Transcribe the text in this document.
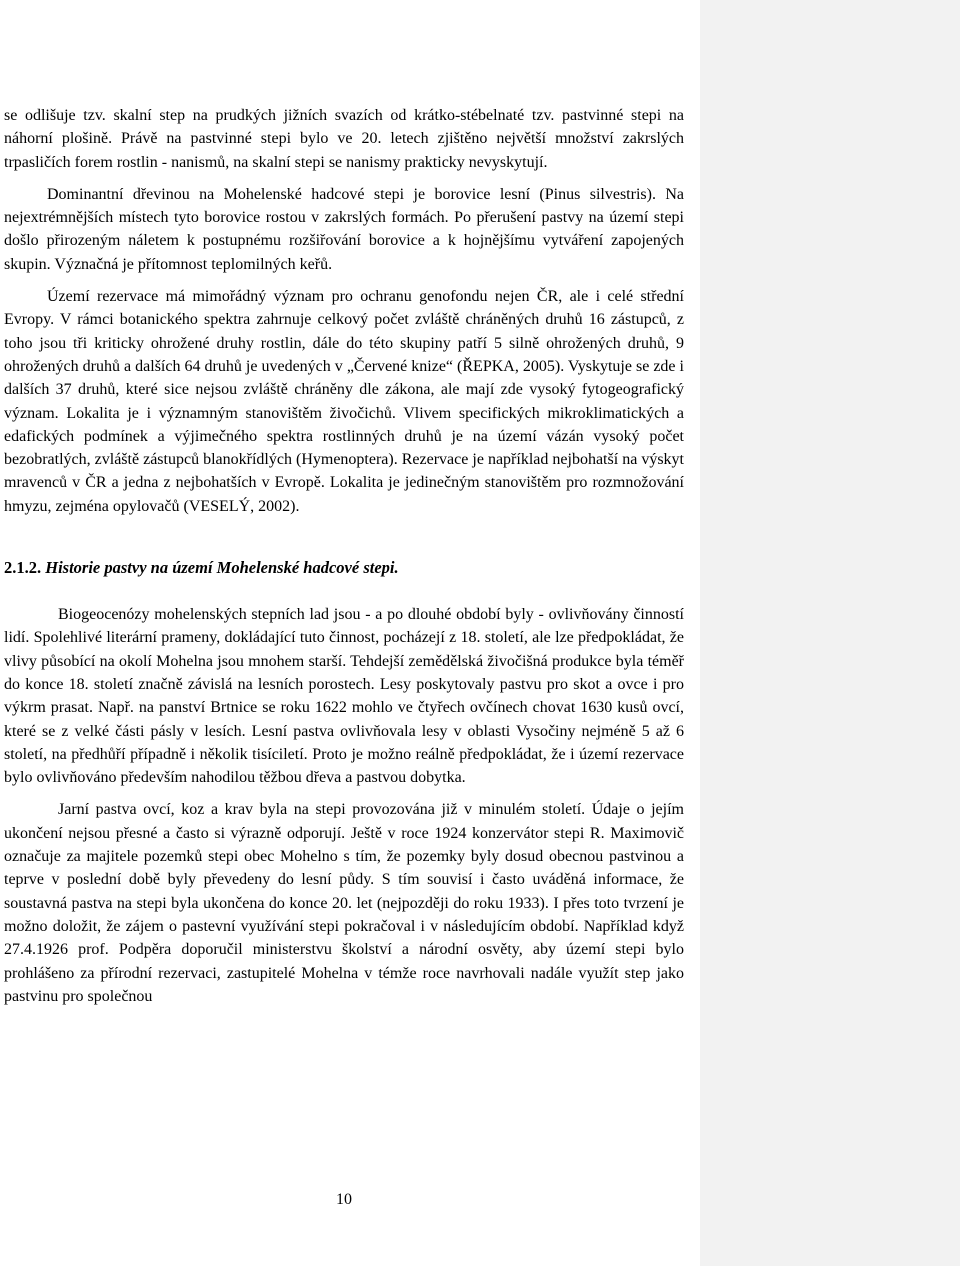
se odlišuje tzv. skalní step na prudkých jižních svazích od krátko-stébelnaté tzv. pastvinné stepi na náhorní plošině. Právě na pastvinné stepi bylo ve 20. letech zjištěno největší množství zakrslých trpasličích forem rostlin - nanismů, na skalní stepi se nanismy prakticky nevyskytují.

Dominantní dřevinou na Mohelenské hadcové stepi je borovice lesní (Pinus silvestris). Na nejextrémnějších místech tyto borovice rostou v zakrslých formách. Po přerušení pastvy na území stepi došlo přirozeným náletem k postupnému rozšiřování borovice a k hojnějšímu vytváření zapojených skupin. Význačná je přítomnost teplomilných keřů.

Území rezervace má mimořádný význam pro ochranu genofondu nejen ČR, ale i celé střední Evropy. V rámci botanického spektra zahrnuje celkový počet zvláště chráněných druhů 16 zástupců, z toho jsou tři kriticky ohrožené druhy rostlin, dále do této skupiny patří 5 silně ohrožených druhů, 9 ohrožených druhů a dalších 64 druhů je uvedených v „Červené knize“ (ŘEPKA, 2005). Vyskytuje se zde i dalších 37 druhů, které sice nejsou zvláště chráněny dle zákona, ale mají zde vysoký fytogeografický význam. Lokalita je i významným stanovištěm živočichů. Vlivem specifických mikroklimatických a edafických podmínek a výjimečného spektra rostlinných druhů je na území vázán vysoký počet bezobratlých, zvláště zástupců blanokřídlých (Hymenoptera). Rezervace je například nejbohatší na výskyt mravenců v ČR a jedna z nejbohatších v Evropě. Lokalita je jedinečným stanovištěm pro rozmnožování hmyzu, zejména opylovačů (VESELÝ, 2002).

2.1.2. Historie pastvy na území Mohelenské hadcové stepi.

Biogeocenózy mohelenských stepních lad jsou - a po dlouhé období byly - ovlivňovány činností lidí. Spolehlivé literární prameny, dokládající tuto činnost, pocházejí z 18. století, ale lze předpokládat, že vlivy působící na okolí Mohelna jsou mnohem starší. Tehdejší zemědělská živočišná produkce byla téměř do konce 18. století značně závislá na lesních porostech. Lesy poskytovaly pastvu pro skot a ovce i pro výkrm prasat. Např. na panství Brtnice se roku 1622 mohlo ve čtyřech ovčínech chovat 1630 kusů ovcí, které se z velké části pásly v lesích. Lesní pastva ovlivňovala lesy v oblasti Vysočiny nejméně 5 až 6 století, na předhůří případně i několik tisíciletí. Proto je možno reálně předpokládat, že i území rezervace bylo ovlivňováno především nahodilou těžbou dřeva a pastvou dobytka.

Jarní pastva ovcí, koz a krav byla na stepi provozována již v minulém století. Údaje o jejím ukončení nejsou přesné a často si výrazně odporují. Ještě v roce 1924 konzervátor stepi R. Maximovič označuje za majitele pozemků stepi obec Mohelno s tím, že pozemky byly dosud obecnou pastvinou a teprve v poslední době byly převedeny do lesní půdy. S tím souvisí i často uváděná informace, že soustavná pastva na stepi byla ukončena do konce 20. let (nejpozději do roku 1933). I přes toto tvrzení je možno doložit, že zájem o pastevní využívání stepi pokračoval i v následujícím období. Například když 27.4.1926 prof. Podpěra doporučil ministerstvu školství a národní osvěty, aby území stepi bylo prohlášeno za přírodní rezervaci, zastupitelé Mohelna v témže roce navrhovali nadále využít step jako pastvinu pro společnou

10
